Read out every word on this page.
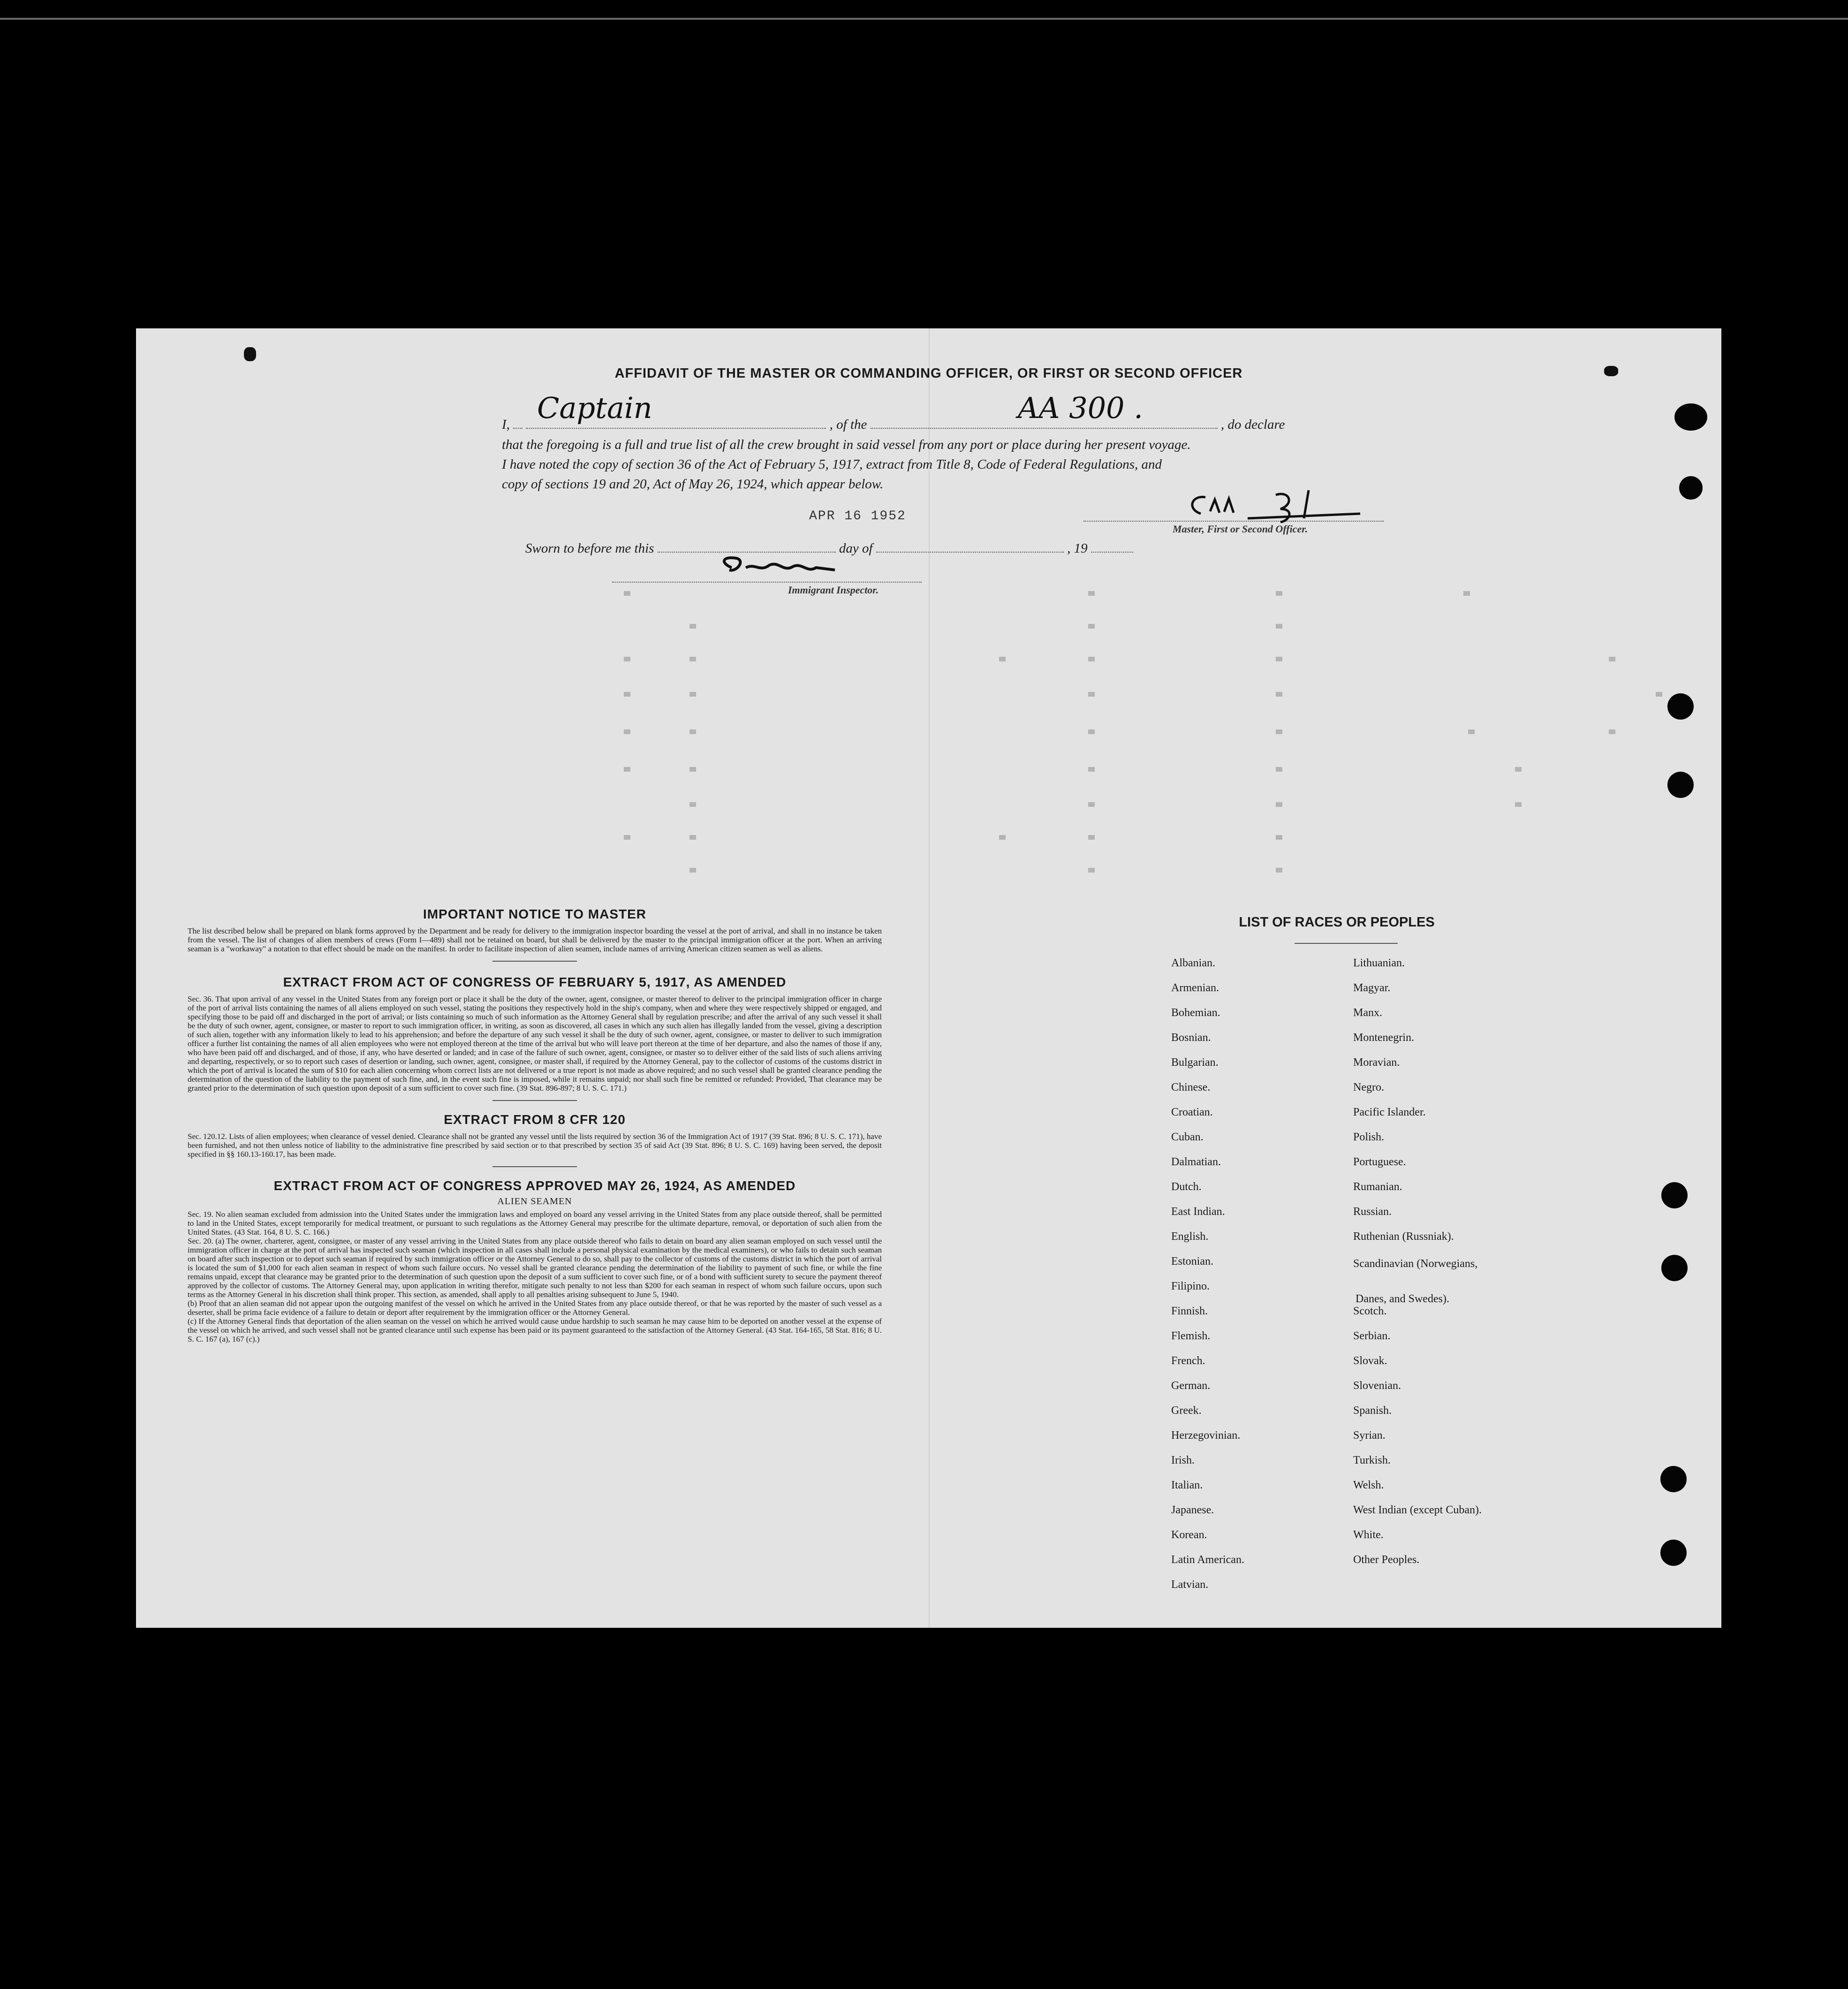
AFFIDAVIT OF THE MASTER OR COMMANDING OFFICER, OR FIRST OR SECOND OFFICER
I, Captain	, of the	AA 300 .	, do declare
that the foregoing is a full and true list of all the crew brought in said vessel from any port or place during her present voyage.
I have noted the copy of section 36 of the Act of February 5, 1917, extract from Title 8, Code of Federal Regulations, and
copy of sections 19 and 20, Act of May 26, 1924, which appear below.
APR 16 1952
Master, First or Second Officer.
Sworn to before me this	day of	, 19
Immigrant Inspector.
IMPORTANT NOTICE TO MASTER
The list described below shall be prepared on blank forms approved by the Department and be ready for delivery to the immigration inspector boarding the vessel at the port of arrival, and shall in no instance be taken from the vessel. The list of changes of alien members of crews (Form I—489) shall not be retained on board, but shall be delivered by the master to the principal immigration officer at the port. When an arriving seaman is a "workaway" a notation to that effect should be made on the manifest. In order to facilitate inspection of alien seamen, include names of arriving American citizen seamen as well as aliens.
EXTRACT FROM ACT OF CONGRESS OF FEBRUARY 5, 1917, AS AMENDED
Sec. 36. That upon arrival of any vessel in the United States from any foreign port or place it shall be the duty of the owner, agent, consignee, or master thereof to deliver to the principal immigration officer in charge of the port of arrival lists containing the names of all aliens employed on such vessel, stating the positions they respectively hold in the ship's company, when and where they were respectively shipped or engaged, and specifying those to be paid off and discharged in the port of arrival; or lists containing so much of such information as the Attorney General shall by regulation prescribe; and after the arrival of any such vessel it shall be the duty of such owner, agent, consignee, or master to report to such immigration officer, in writing, as soon as discovered, all cases in which any such alien has illegally landed from the vessel, giving a description of such alien, together with any information likely to lead to his apprehension; and before the departure of any such vessel it shall be the duty of such owner, agent, consignee, or master to deliver to such immigration officer a further list containing the names of all alien employees who were not employed thereon at the time of the arrival but who will leave port thereon at the time of her departure, and also the names of those if any, who have been paid off and discharged, and of those, if any, who have deserted or landed; and in case of the failure of such owner, agent, consignee, or master so to deliver either of the said lists of such aliens arriving and departing, respectively, or so to report such cases of desertion or landing, such owner, agent, consignee, or master shall, if required by the Attorney General, pay to the collector of customs of the customs district in which the port of arrival is located the sum of $10 for each alien concerning whom correct lists are not delivered or a true report is not made as above required; and no such vessel shall be granted clearance pending the determination of the question of the liability to the payment of such fine, and, in the event such fine is imposed, while it remains unpaid; nor shall such fine be remitted or refunded: Provided, That clearance may be granted prior to the determination of such question upon deposit of a sum sufficient to cover such fine. (39 Stat. 896-897; 8 U. S. C. 171.)
EXTRACT FROM 8 CFR 120
Sec. 120.12. Lists of alien employees; when clearance of vessel denied. Clearance shall not be granted any vessel until the lists required by section 36 of the Immigration Act of 1917 (39 Stat. 896; 8 U. S. C. 171), have been furnished, and not then unless notice of liability to the administrative fine prescribed by said section or to that prescribed by section 35 of said Act (39 Stat. 896; 8 U. S. C. 169) having been served, the deposit specified in §§ 160.13-160.17, has been made.
EXTRACT FROM ACT OF CONGRESS APPROVED MAY 26, 1924, AS AMENDED
ALIEN SEAMEN
Sec. 19. No alien seaman excluded from admission into the United States under the immigration laws and employed on board any vessel arriving in the United States from any place outside thereof, shall be permitted to land in the United States, except temporarily for medical treatment, or pursuant to such regulations as the Attorney General may prescribe for the ultimate departure, removal, or deportation of such alien from the United States. (43 Stat. 164, 8 U. S. C. 166.)
Sec. 20. (a) The owner, charterer, agent, consignee, or master of any vessel arriving in the United States from any place outside thereof who fails to detain on board any alien seaman employed on such vessel until the immigration officer in charge at the port of arrival has inspected such seaman (which inspection in all cases shall include a personal physical examination by the medical examiners), or who fails to detain such seaman on board after such inspection or to deport such seaman if required by such immigration officer or the Attorney General to do so, shall pay to the collector of customs of the customs district in which the port of arrival is located the sum of $1,000 for each alien seaman in respect of whom such failure occurs. No vessel shall be granted clearance pending the determination of the liability to payment of such fine, or while the fine remains unpaid, except that clearance may be granted prior to the determination of such question upon the deposit of a sum sufficient to cover such fine, or of a bond with sufficient surety to secure the payment thereof approved by the collector of customs. The Attorney General may, upon application in writing therefor, mitigate such penalty to not less than $200 for each seaman in respect of whom such failure occurs, upon such terms as the Attorney General in his discretion shall think proper. This section, as amended, shall apply to all penalties arising subsequent to June 5, 1940.
(b) Proof that an alien seaman did not appear upon the outgoing manifest of the vessel on which he arrived in the United States from any place outside thereof, or that he was reported by the master of such vessel as a deserter, shall be prima facie evidence of a failure to detain or deport after requirement by the immigration officer or the Attorney General.
(c) If the Attorney General finds that deportation of the alien seaman on the vessel on which he arrived would cause undue hardship to such seaman he may cause him to be deported on another vessel at the expense of the vessel on which he arrived, and such vessel shall not be granted clearance until such expense has been paid or its payment guaranteed to the satisfaction of the Attorney General. (43 Stat. 164-165, 58 Stat. 816; 8 U. S. C. 167 (a), 167 (c).)
LIST OF RACES OR PEOPLES
Albanian.
Armenian.
Bohemian.
Bosnian.
Bulgarian.
Chinese.
Croatian.
Cuban.
Dalmatian.
Dutch.
East Indian.
English.
Estonian.
Filipino.
Finnish.
Flemish.
French.
German.
Greek.
Herzegovinian.
Irish.
Italian.
Japanese.
Korean.
Latin American.
Latvian.
Lithuanian.
Magyar.
Manx.
Montenegrin.
Moravian.
Negro.
Pacific Islander.
Polish.
Portuguese.
Rumanian.
Russian.
Ruthenian (Russniak).
Scandinavian (Norwegians,
Danes, and Swedes).
Scotch.
Serbian.
Slovak.
Slovenian.
Spanish.
Syrian.
Turkish.
Welsh.
West Indian (except Cuban).
White.
Other Peoples.
